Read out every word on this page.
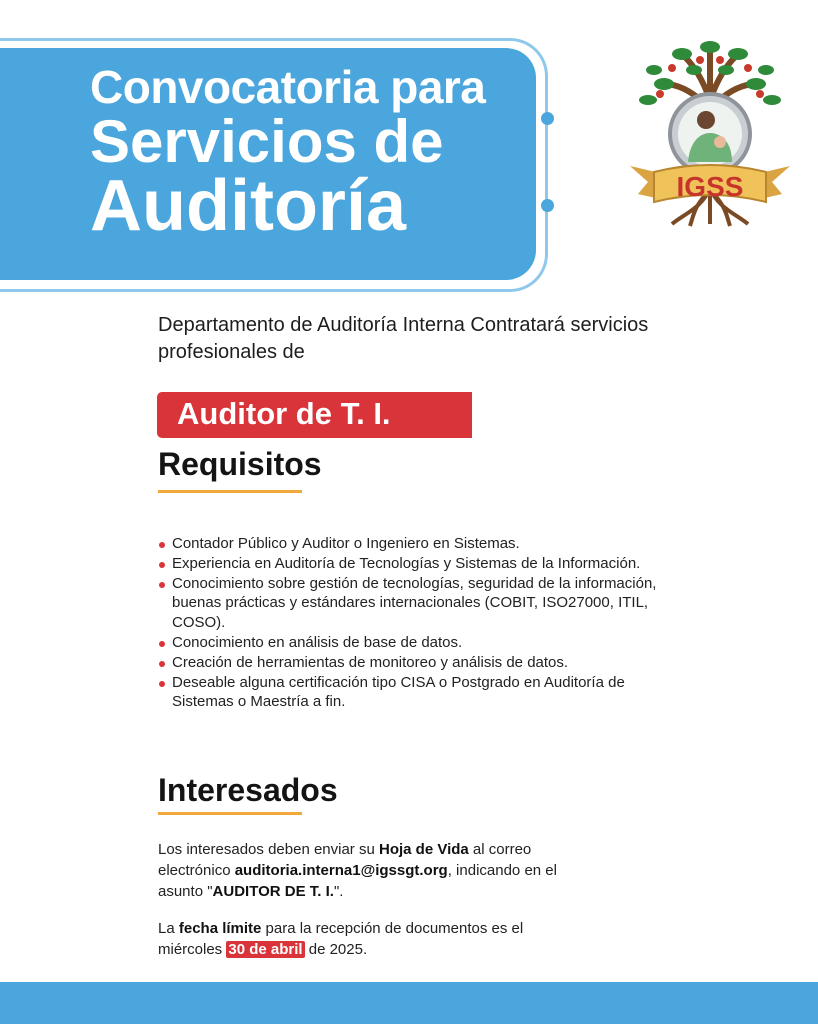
Convocatoria para
Servicios de
Auditoría	IGSS

Departamento de Auditoría Interna Contratará servicios profesionales de

Auditor de T. I.
Requisitos
Contador Público y Auditor o Ingeniero en Sistemas.
Experiencia en Auditoría de Tecnologías y Sistemas de la Información.
Conocimiento sobre gestión de tecnologías, seguridad de la información, buenas prácticas y estándares internacionales (COBIT, ISO27000, ITIL, COSO).
Conocimiento en análisis de base de datos.
Creación de herramientas de monitoreo y análisis de datos.
Deseable alguna certificación tipo CISA o Postgrado en Auditoría de Sistemas o Maestría a fin.
Interesados

Los interesados deben enviar su Hoja de Vida al correo electrónico auditoria.interna1@igssgt.org, indicando en el asunto "AUDITOR DE T. I.".

La fecha límite para la recepción de documentos es el miércoles 30 de abril de 2025.
